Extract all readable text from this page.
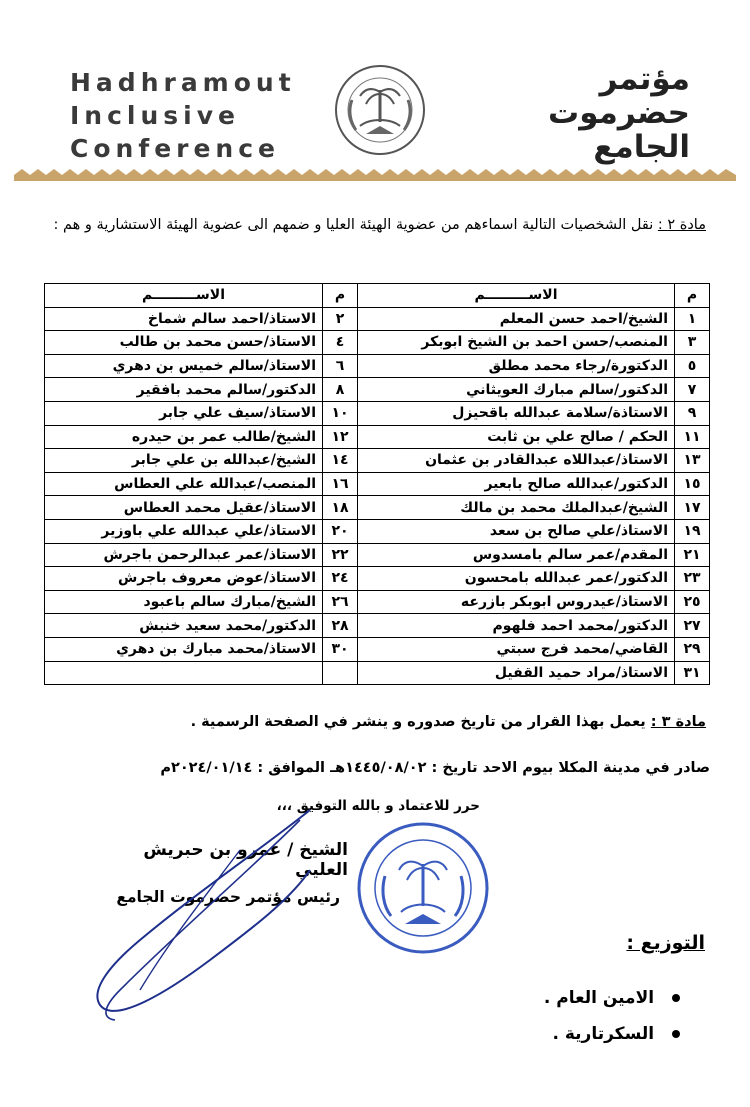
Hadhramout
Inclusive
Conference
مؤتمر
حضرموت
الجامع
مادة ٢ : نقل الشخصيات التالية اسماءهم من عضوية الهيئة العليا و ضمهم الى عضوية الهيئة الاستشارية و هم :
م	الاســـــــــم	م	الاســـــــــم
١	الشيخ/احمد حسن المعلم	٢	الاستاذ/احمد سالم شماخ
٣	المنصب/حسن احمد بن الشيخ ابوبكر	٤	الاستاذ/حسن محمد بن طالب
٥	الدكتورة/رجاء محمد مطلق	٦	الاستاذ/سالم خميس بن دهري
٧	الدكتور/سالم مبارك العويثاني	٨	الدكتور/سالم محمد بافقير
٩	الاستاذة/سلامة عبدالله باقحيزل	١٠	الاستاذ/سيف علي جابر
١١	الحكم / صالح علي بن ثابت	١٢	الشيخ/طالب عمر بن حيدره
١٣	الاستاذ/عبداللاه عبدالقادر بن عثمان	١٤	الشيخ/عبدالله بن علي جابر
١٥	الدكتور/عبدالله صالح بابعير	١٦	المنصب/عبدالله علي العطاس
١٧	الشيخ/عبدالملك محمد بن مالك	١٨	الاستاذ/عقيل محمد العطاس
١٩	الاستاذ/علي صالح بن سعد	٢٠	الاستاذ/علي عبدالله علي باوزير
٢١	المقدم/عمر سالم بامسدوس	٢٢	الاستاذ/عمر عبدالرحمن باجرش
٢٣	الدكتور/عمر عبدالله بامحسون	٢٤	الاستاذ/عوض معروف باجرش
٢٥	الاستاذ/عيدروس ابوبكر بازرعه	٢٦	الشيخ/مبارك سالم باعبود
٢٧	الدكتور/محمد احمد فلهوم	٢٨	الدكتور/محمد سعيد خنبش
٢٩	القاضي/محمد فرج سبتي	٣٠	الاستاذ/محمد مبارك بن دهري
٣١	الاستاذ/مراد حميد القفيل		
مادة ٣ : يعمل بهذا القرار من تاريخ صدوره و ينشر في الصفحة الرسمية .
صادر في مدينة المكلا بيوم الاحد تاريخ : ١٤٤٥/٠٨/٠٢هـ الموافق : ٢٠٢٤/٠١/١٤م
حرر للاعتماد و بالله التوفيق ،،،
الشيخ / عمرو بن حبريش العليي
رئيس مؤتمر حضرموت الجامع
التوزيع :
الامين العام .
السكرتارية .
